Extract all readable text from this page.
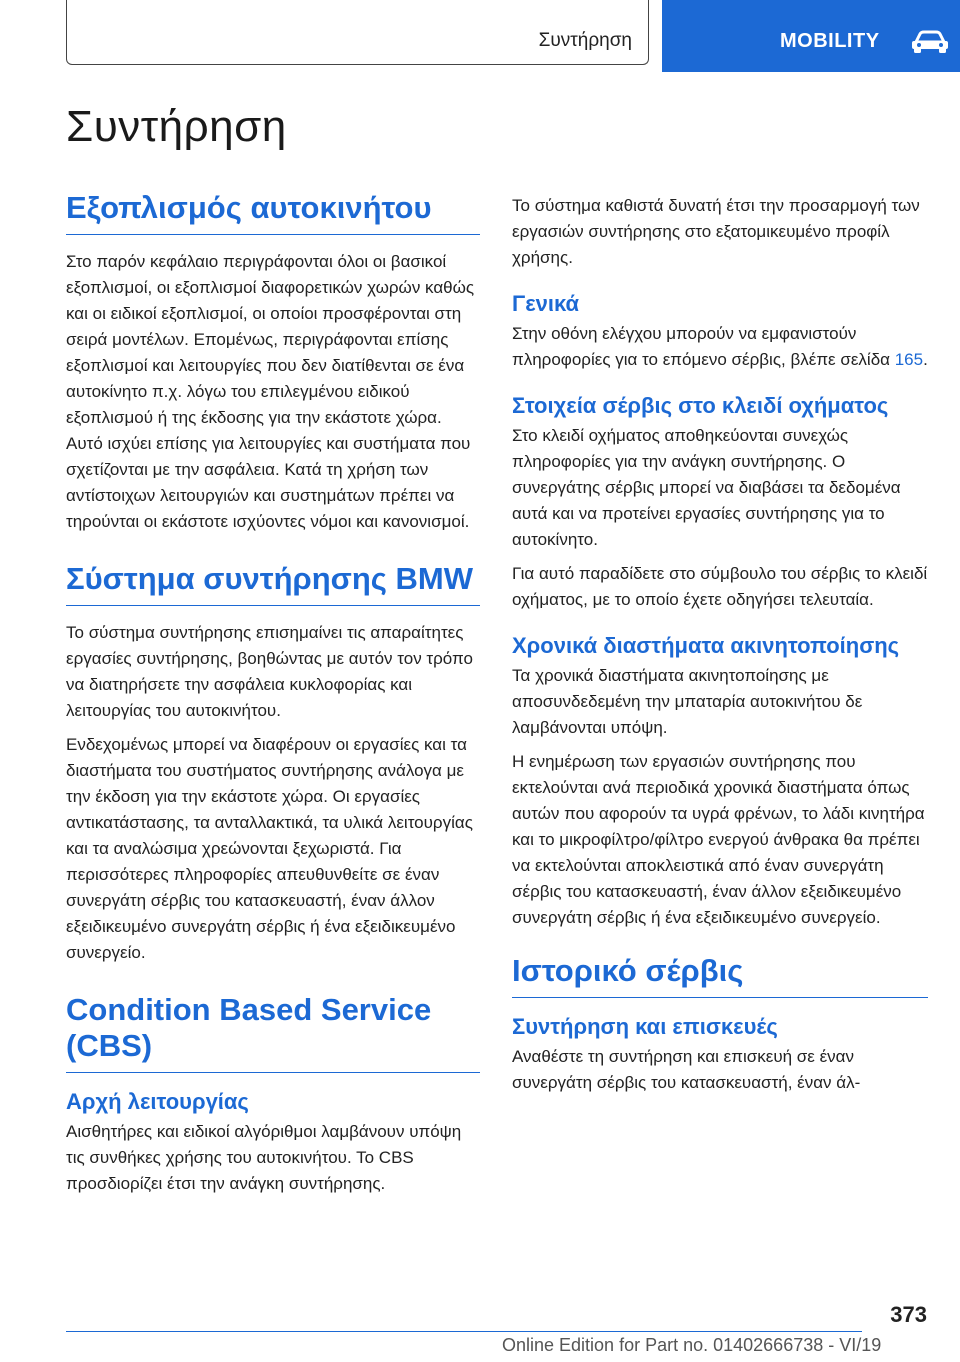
Συντήρηση	MOBILITY
Συντήρηση
Εξοπλισμός αυτοκινήτου

Στο παρόν κεφάλαιο περιγράφονται όλοι οι βασικοί εξοπλισμοί, οι εξοπλισμοί διαφορετικών χωρών καθώς και οι ειδικοί εξοπλισμοί, οι οποίοι προσφέρονται στη σειρά μοντέλων. Επομένως, περιγράφονται επίσης εξοπλισμοί και λειτουργίες που δεν διατίθενται σε ένα αυτοκίνητο π.χ. λόγω του επιλεγμένου ειδικού εξοπλισμού ή της έκδοσης για την εκάστοτε χώρα. Αυτό ισχύει επίσης για λειτουργίες και συστήματα που σχετίζονται με την ασφάλεια. Κατά τη χρήση των αντίστοιχων λειτουργιών και συστημάτων πρέπει να τηρούνται οι εκάστοτε ισχύοντες νόμοι και κανονισμοί.

Σύστημα συντήρησης BMW

Το σύστημα συντήρησης επισημαίνει τις απαραίτητες εργασίες συντήρησης, βοηθώντας με αυτόν τον τρόπο να διατηρήσετε την ασφάλεια κυκλοφορίας και λειτουργίας του αυτοκινήτου.

Ενδεχομένως μπορεί να διαφέρουν οι εργασίες και τα διαστήματα του συστήματος συντήρησης ανάλογα με την έκδοση για την εκάστοτε χώρα. Οι εργασίες αντικατάστασης, τα ανταλλακτικά, τα υλικά λειτουργίας και τα αναλώσιμα χρεώνονται ξεχωριστά. Για περισσότερες πληροφορίες απευθυνθείτε σε έναν συνεργάτη σέρβις του κατασκευαστή, έναν άλλον εξειδικευμένο συνεργάτη σέρβις ή ένα εξειδικευμένο συνεργείο.

Condition Based Service (CBS)
Αρχή λειτουργίας

Αισθητήρες και ειδικοί αλγόριθμοι λαμβάνουν υπόψη τις συνθήκες χρήσης του αυτοκινήτου. Το CBS προσδιορίζει έτσι την ανάγκη συντήρησης.

Το σύστημα καθιστά δυνατή έτσι την προσαρμογή των εργασιών συντήρησης στο εξατομικευμένο προφίλ χρήσης.

Γενικά

Στην οθόνη ελέγχου μπορούν να εμφανιστούν πληροφορίες για το επόμενο σέρβις, βλέπε σελίδα 165.

Στοιχεία σέρβις στο κλειδί οχήματος

Στο κλειδί οχήματος αποθηκεύονται συνεχώς πληροφορίες για την ανάγκη συντήρησης. Ο συνεργάτης σέρβις μπορεί να διαβάσει τα δεδομένα αυτά και να προτείνει εργασίες συντήρησης για το αυτοκίνητο.

Για αυτό παραδίδετε στο σύμβουλο του σέρβις το κλειδί οχήματος, με το οποίο έχετε οδηγήσει τελευταία.

Χρονικά διαστήματα ακινητοποίησης

Τα χρονικά διαστήματα ακινητοποίησης με αποσυνδεδεμένη την μπαταρία αυτοκινήτου δε λαμβάνονται υπόψη.

Η ενημέρωση των εργασιών συντήρησης που εκτελούνται ανά περιοδικά χρονικά διαστήματα όπως αυτών που αφορούν τα υγρά φρένων, το λάδι κινητήρα και το μικροφίλτρο/φίλτρο ενεργού άνθρακα θα πρέπει να εκτελούνται αποκλειστικά από έναν συνεργάτη σέρβις του κατασκευαστή, έναν άλλον εξειδικευμένο συνεργάτη σέρβις ή ένα εξειδικευμένο συνεργείο.

Ιστορικό σέρβις
Συντήρηση και επισκευές

Αναθέστε τη συντήρηση και επισκευή σε έναν συνεργάτη σέρβις του κατασκευαστή, έναν άλ-

373
Online Edition for Part no. 01402666738 - VI/19
